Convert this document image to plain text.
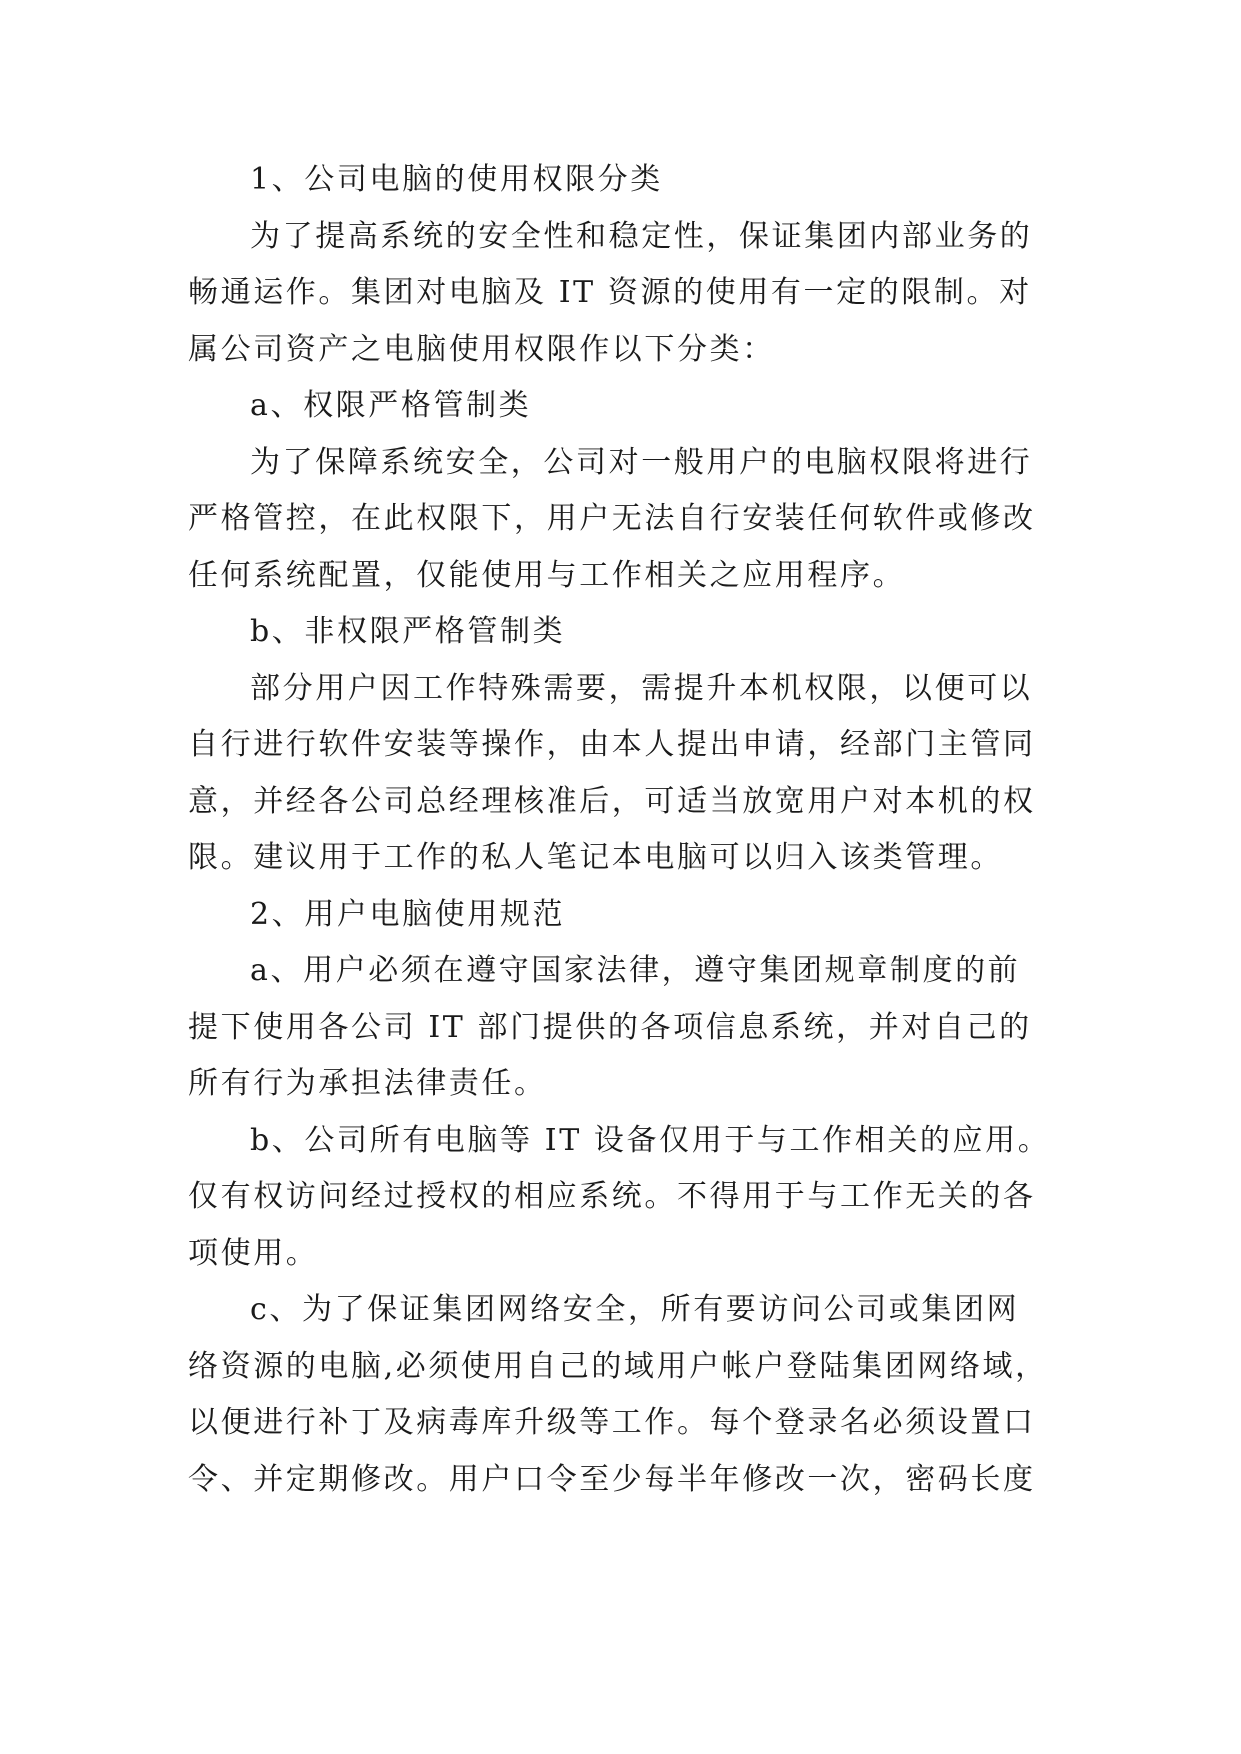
1、公司电脑的使用权限分类

为了提高系统的安全性和稳定性，保证集团内部业务的
畅通运作。集团对电脑及 IT 资源的使用有一定的限制。对
属公司资产之电脑使用权限作以下分类：

a、权限严格管制类

为了保障系统安全，公司对一般用户的电脑权限将进行
严格管控，在此权限下，用户无法自行安装任何软件或修改
任何系统配置，仅能使用与工作相关之应用程序。

b、非权限严格管制类

部分用户因工作特殊需要，需提升本机权限，以便可以
自行进行软件安装等操作，由本人提出申请，经部门主管同
意，并经各公司总经理核准后，可适当放宽用户对本机的权
限。建议用于工作的私人笔记本电脑可以归入该类管理。

2、用户电脑使用规范

a、用户必须在遵守国家法律，遵守集团规章制度的前
提下使用各公司 IT 部门提供的各项信息系统，并对自己的
所有行为承担法律责任。

b、公司所有电脑等 IT 设备仅用于与工作相关的应用。
仅有权访问经过授权的相应系统。不得用于与工作无关的各
项使用。

c、为了保证集团网络安全，所有要访问公司或集团网
络资源的电脑,必须使用自己的域用户帐户登陆集团网络域，
以便进行补丁及病毒库升级等工作。每个登录名必须设置口
令、并定期修改。用户口令至少每半年修改一次，密码长度
